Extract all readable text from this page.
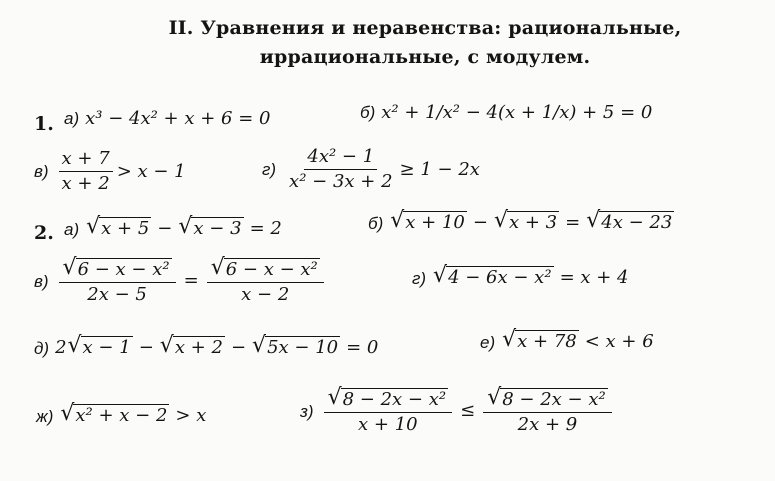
II. Уравнения и неравенства: рациональные,
иррациональные, с модулем.
1. а) x³ − 4x² + x + 6 = 0	б) x² + 1/x² − 4(x + 1/x) + 5 = 0
$в) \frac{x + 7}{x + 2} > x - 1$	$г) \frac{\text{4x² − 1}}{\text{x² − 3x + 2}} \ge 1 - 2x$
2. а) √ x + 5 − √ x − 3 = 2	б) √ x + 10 − √ x + 3 = √ 4x − 23
$в) \frac{\text{√ 6 − x − x²}}{2x - 5} = \frac{\text{√ 6 − x − x²}}{x - 2}$	г) √ 4 − 6x − x² = x + 4
д) 2 √ x − 1 − √ x + 2 − √ 5x − 10 = 0	е) √ x + 78 < x + 6
ж) √ x² + x − 2 > x	$з) \frac{\text{√ 8 − 2x − x²}}{x + 10} \le \frac{\text{√ 8 − 2x − x²}}{2x + 9}$
